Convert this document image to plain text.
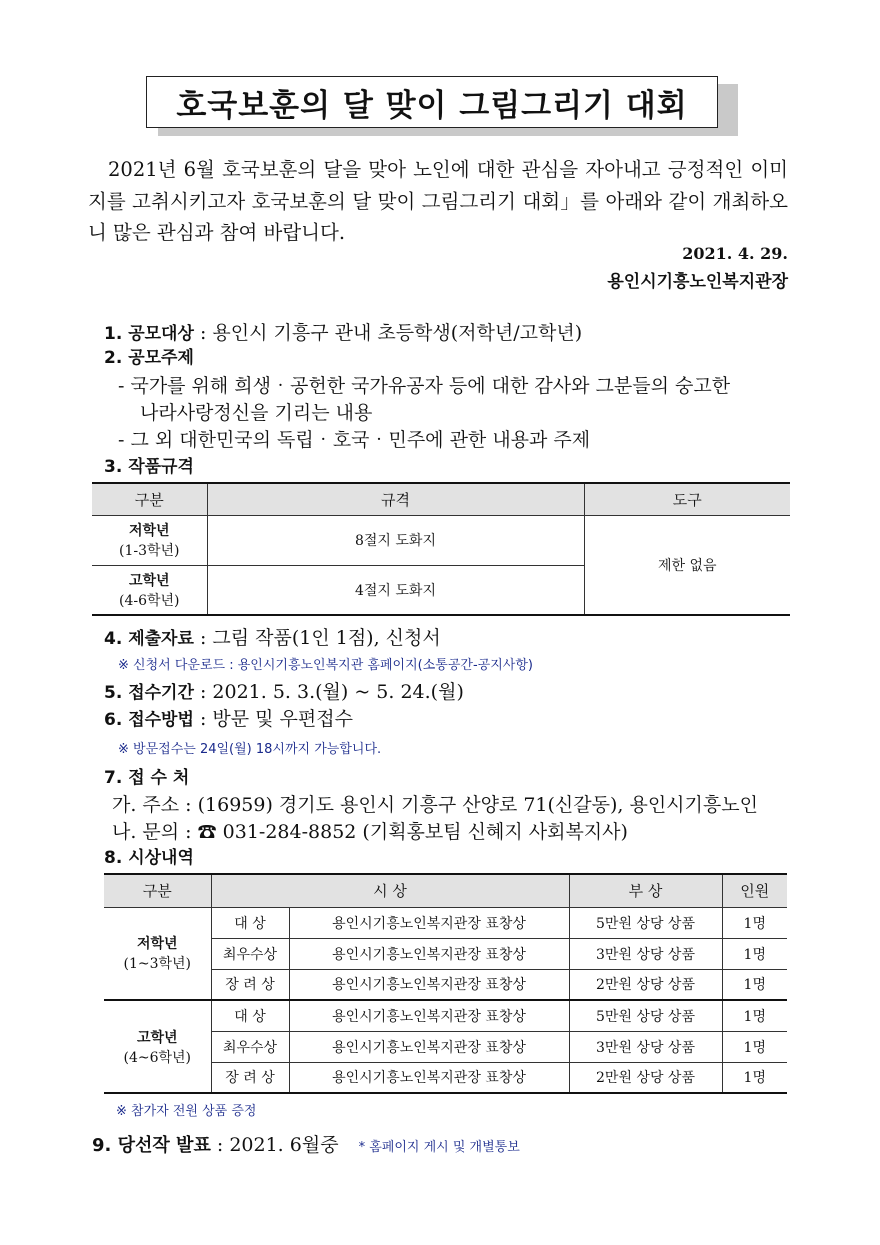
호국보훈의 달 맞이 그림그리기 대회
2021년 6월 호국보훈의 달을 맞아 노인에 대한 관심을 자아내고 긍정적인 이미지를 고취시키고자 호국보훈의 달 맞이 그림그리기 대회」를 아래와 같이 개최하오니 많은 관심과 참여 바랍니다.
2021. 4. 29.
용인시기흥노인복지관장
1. 공모대상 : 용인시 기흥구 관내 초등학생(저학년/고학년)
2. 공모주제
- 국가를 위해 희생‧공헌한 국가유공자 등에 대한 감사와 그분들의 숭고한
나라사랑정신을 기리는 내용
- 그 외 대한민국의 독립‧호국‧민주에 관한 내용과 주제
3. 작품규격
구분	규격	도구
저학년
(1-3학년)	8절지 도화지	제한 없음
고학년
(4-6학년)	4절지 도화지	
4. 제출자료 : 그림 작품(1인 1점), 신청서
※ 신청서 다운로드 : 용인시기흥노인복지관 홈페이지(소통공간-공지사항)
5. 접수기간 : 2021. 5. 3.(월) ~ 5. 24.(월)
6. 접수방법 : 방문 및 우편접수
※ 방문접수는 24일(월) 18시까지 가능합니다.
7. 접 수 처
가. 주소 : (16959) 경기도 용인시 기흥구 산양로 71(신갈동), 용인시기흥노인
나. 문의 : ☎ 031-284-8852 (기획홍보팀 신혜지 사회복지사)
8. 시상내역
구분	시 상		부 상	인원
저학년
(1~3학년)	대 상	용인시기흥노인복지관장 표창상	5만원 상당 상품	1명
	최우수상	용인시기흥노인복지관장 표창상	3만원 상당 상품	1명
	장 려 상	용인시기흥노인복지관장 표창상	2만원 상당 상품	1명
고학년
(4~6학년)	대 상	용인시기흥노인복지관장 표창상	5만원 상당 상품	1명
	최우수상	용인시기흥노인복지관장 표창상	3만원 상당 상품	1명
	장 려 상	용인시기흥노인복지관장 표창상	2만원 상당 상품	1명
※ 참가자 전원 상품 증정
9. 당선작 발표 : 2021. 6월중 * 홈페이지 게시 및 개별통보
